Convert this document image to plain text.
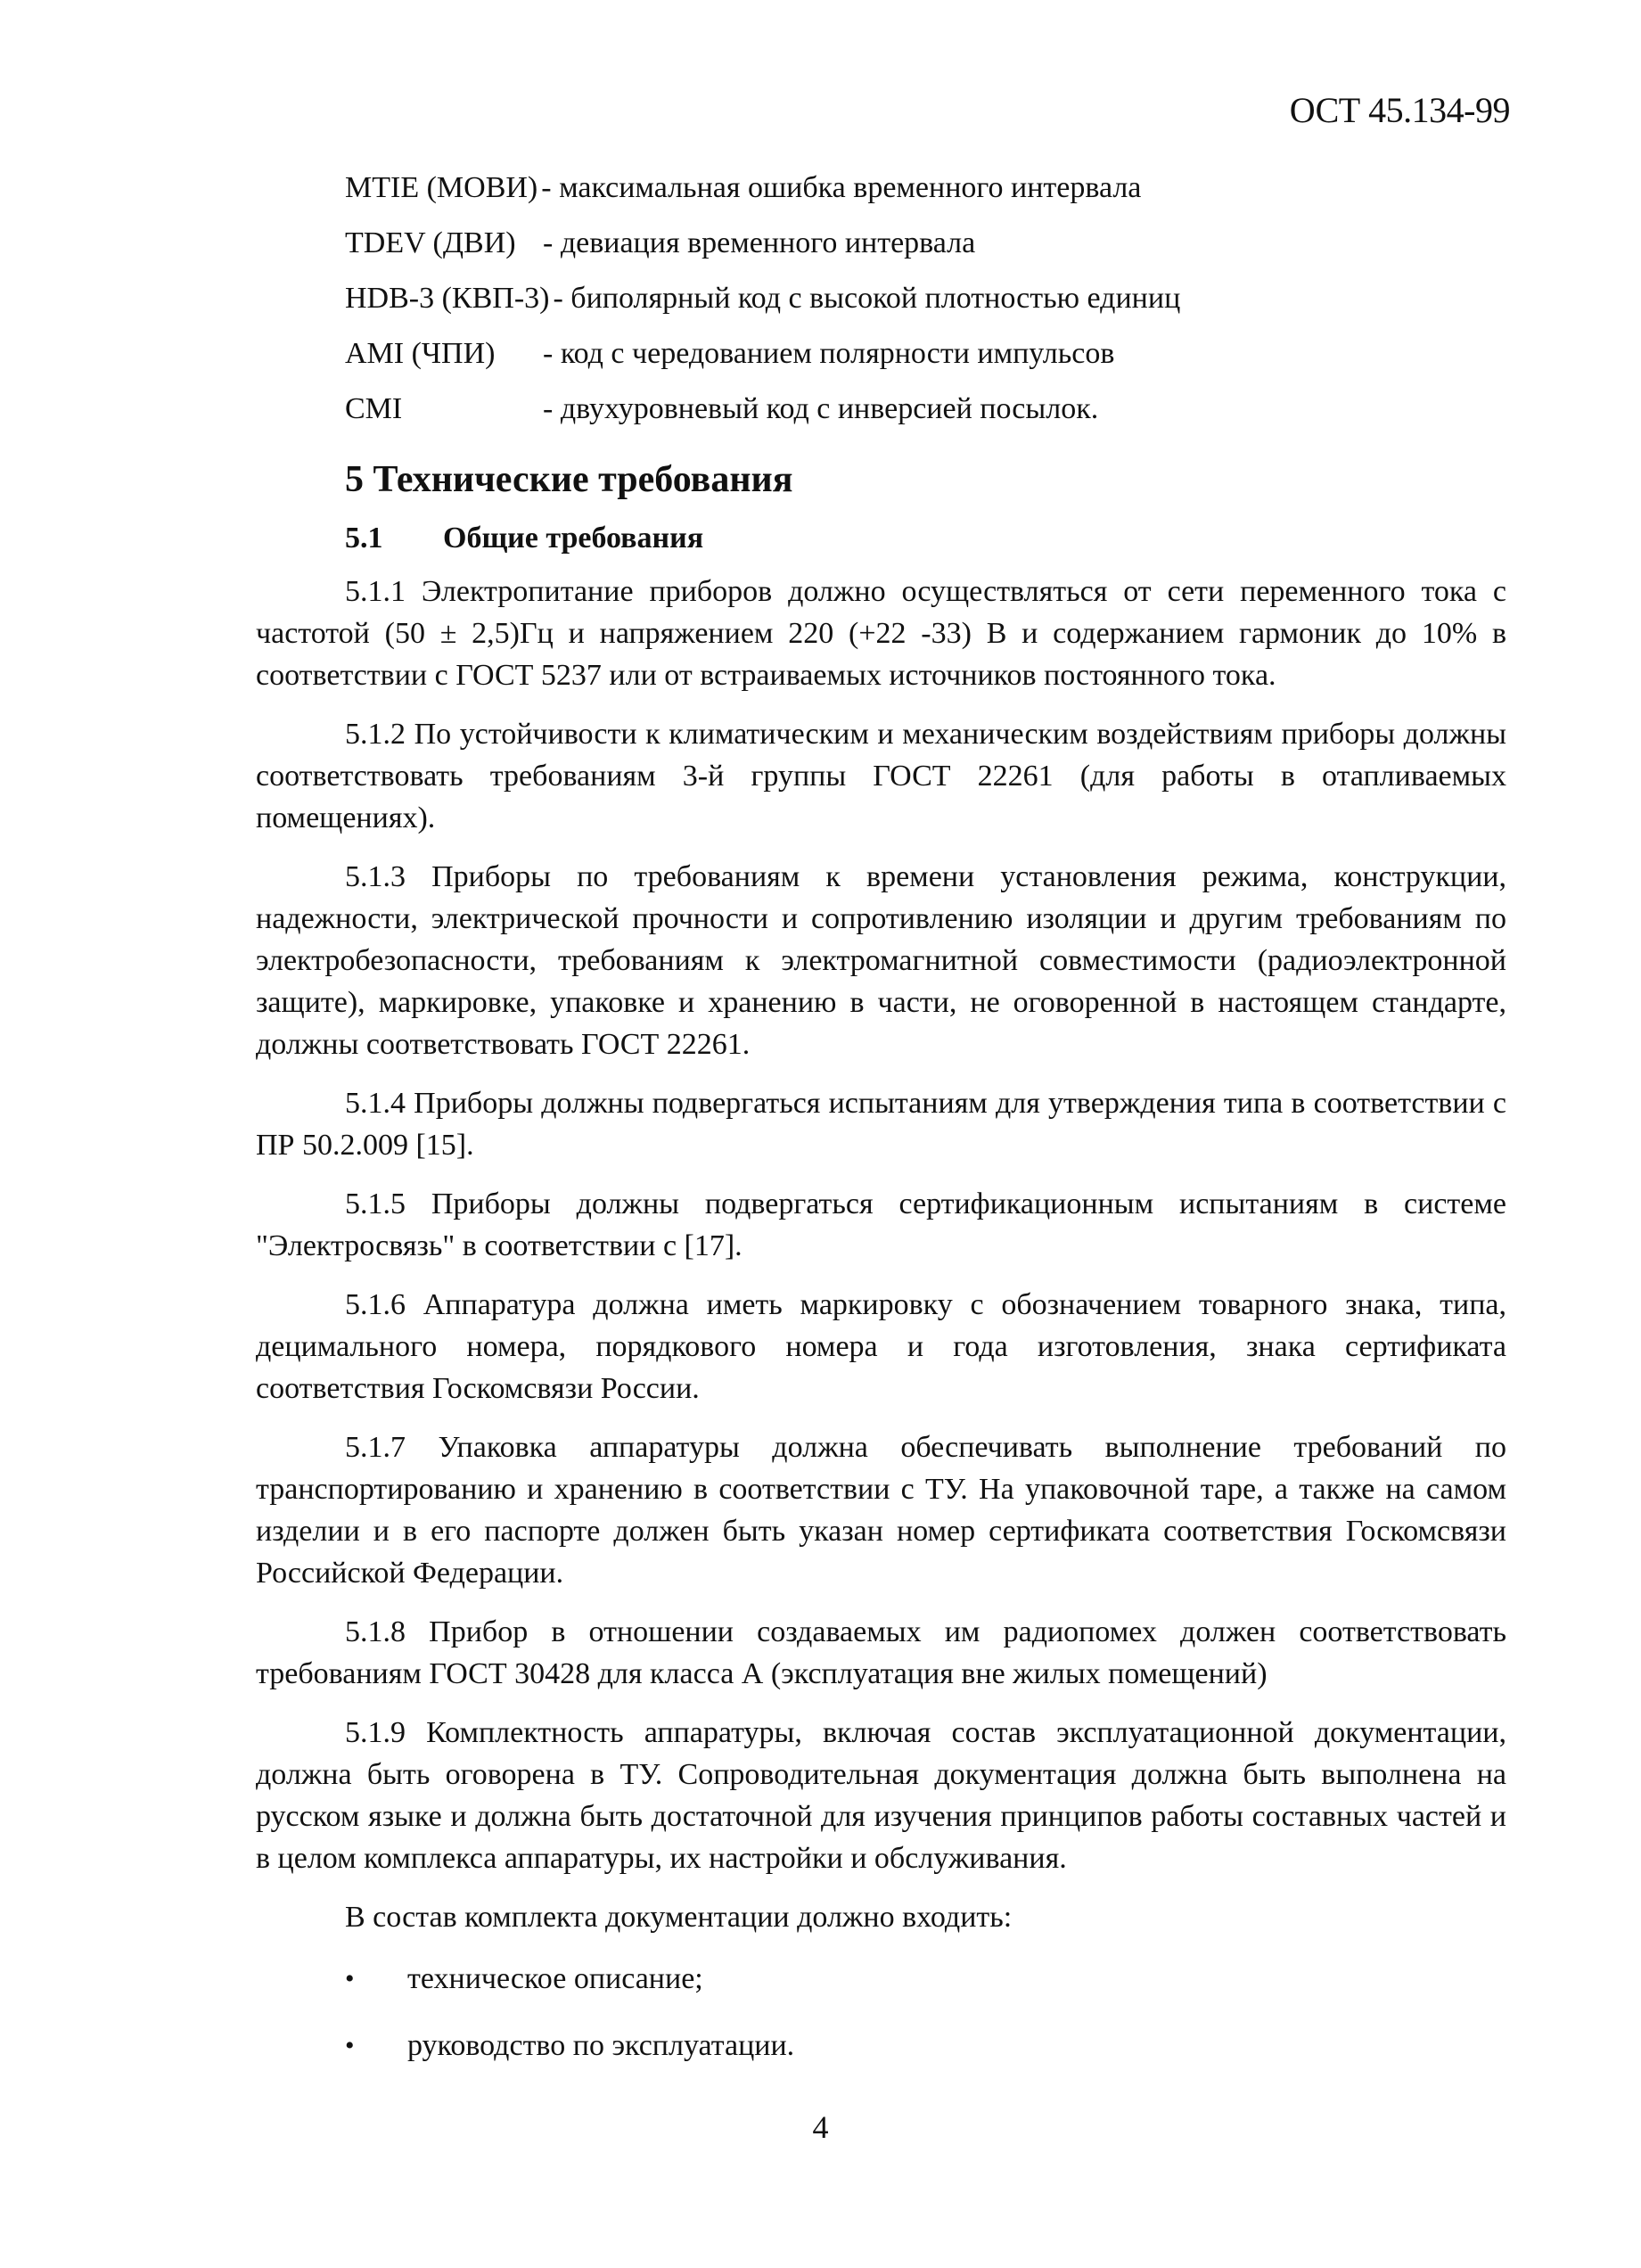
ОСТ 45.134-99
MTIE (МОВИ) - максимальная ошибка временного интервала
TDEV (ДВИ) - девиация временного интервала
HDB-3 (КВП-3) - биполярный код с высокой плотностью единиц
AMI (ЧПИ)	- код с чередованием полярности импульсов
CMI	- двухуровневый код с инверсией посылок.
5 Технические требования
5.1 Общие требования

5.1.1 Электропитание приборов должно осуществляться от сети переменного тока с частотой (50 ± 2,5)Гц и напряжением 220 (+22 -33) В и содержанием гармоник до 10% в соответствии с ГОСТ 5237 или от встраиваемых источников постоянного тока.

5.1.2 По устойчивости к климатическим и механическим воздействиям приборы должны соответствовать требованиям 3-й группы ГОСТ 22261 (для работы в отапливаемых помещениях).

5.1.3 Приборы по требованиям к времени установления режима, конструкции, надежности, электрической прочности и сопротивлению изоляции и другим требованиям по электробезопасности, требованиям к электромагнитной совместимости (радиоэлектронной защите), маркировке, упаковке и хранению в части, не оговоренной в настоящем стандарте, должны соответствовать ГОСТ 22261.

5.1.4 Приборы должны подвергаться испытаниям для утверждения типа в соответствии с ПР 50.2.009 [15].

5.1.5 Приборы должны подвергаться сертификационным испытаниям в системе "Электросвязь" в соответствии с [17].

5.1.6 Аппаратура должна иметь маркировку с обозначением товарного знака, типа, децимального номера, порядкового номера и года изготовления, знака сертификата соответствия Госкомсвязи России.

5.1.7 Упаковка аппаратуры должна обеспечивать выполнение требований по транспортированию и хранению в соответствии с ТУ. На упаковочной таре, а также на самом изделии и в его паспорте должен быть указан номер сертификата соответствия Госкомсвязи Российской Федерации.

5.1.8 Прибор в отношении создаваемых им радиопомех должен соответствовать требованиям ГОСТ 30428 для класса А (эксплуатация вне жилых помещений)

5.1.9 Комплектность аппаратуры, включая состав эксплуатационной документации, должна быть оговорена в ТУ. Сопроводительная документация должна быть выполнена на русском языке и должна быть достаточной для изучения принципов работы составных частей и в целом комплекса аппаратуры, их настройки и обслуживания.

В состав комплекта документации должно входить:

•	техническое описание;
•	руководство по эксплуатации.
4
